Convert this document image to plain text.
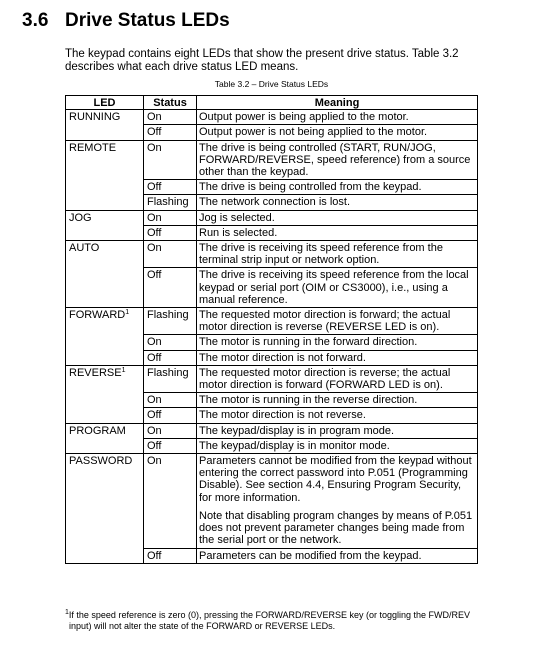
3.6 Drive Status LEDs
The keypad contains eight LEDs that show the present drive status. Table 3.2 describes what each drive status LED means.
Table 3.2 – Drive Status LEDs
LED	Status	Meaning
RUNNING	On	Output power is being applied to the motor.
	Off	Output power is not being applied to the motor.
REMOTE	On	The drive is being controlled (START, RUN/JOG, FORWARD/REVERSE, speed reference) from a source other than the keypad.
	Off	The drive is being controlled from the keypad.
	Flashing	The network connection is lost.
JOG	On	Jog is selected.
	Off	Run is selected.
AUTO	On	The drive is receiving its speed reference from the terminal strip input or network option.
	Off	The drive is receiving its speed reference from the local keypad or serial port (OIM or CS3000), i.e., using a manual reference.
FORWARD$^1$	Flashing	The requested motor direction is forward; the actual motor direction is reverse (REVERSE LED is on).
	On	The motor is running in the forward direction.
	Off	The motor direction is not forward.
REVERSE$^1$	Flashing	The requested motor direction is reverse; the actual motor direction is forward (FORWARD LED is on).
	On	The motor is running in the reverse direction.
	Off	The motor direction is not reverse.
PROGRAM	On	The keypad/display is in program mode.
	Off	The keypad/display is in monitor mode.
PASSWORD	On	Parameters cannot be modified from the keypad without entering the correct password into P.051 (Programming Disable). See section 4.4, Ensuring Program Security, for more information.
Note that disabling program changes by means of P.051 does not prevent parameter changes being made from the serial port or the network.

	Off	Parameters can be modified from the keypad.
$^1$If the speed reference is zero (0), pressing the FORWARD/REVERSE key (or toggling the FWD/REV
input) will not alter the state of the FORWARD or REVERSE LEDs.
